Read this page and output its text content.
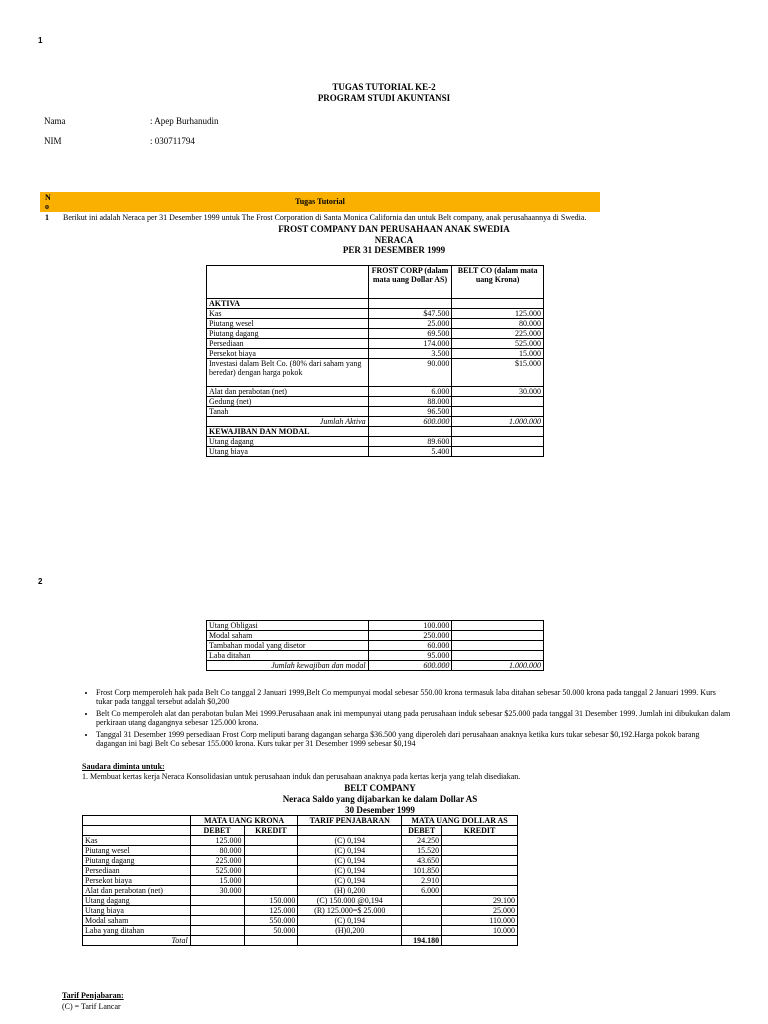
1
TUGAS TUTORIAL KE-2
PROGRAM STUDI AKUNTANSI
Nama	: Apep Burhanudin
NIM	: 030711794
N
o
Tugas Tutorial
1 Berikut ini adalah Neraca per 31 Desember 1999 untuk The Frost Corporation di Santa Monica California dan untuk Belt company, anak perusahaannya di Swedia.
FROST COMPANY DAN PERUSAHAAN ANAK SWEDIA
NERACA
PER 31 DESEMBER 1999
	FROST CORP (dalam mata uang Dollar AS)	BELT CO (dalam mata uang Krona)
AKTIVA		
Kas	$47.500	125.000
Piutang wesel	25.000	80.000
Piutang dagang	69.500	225.000
Persediaan	174.000	525.000
Persekot biaya	3.500	15.000
Investasi dalam Belt Co. (80% dari saham yang beredar) dengan harga pokok	90.000	$15.000
Alat dan perabotan (net)	6.000	30.000
Gedung (net)	88.000	
Tanah	96.500	
Jumlah Aktiva	600.000	1.000.000
KEWAJIBAN DAN MODAL		
Utang dagang	89.600	
Utang biaya	5.400	
2
Utang Obligasi	100.000	
Modal saham	250.000	
Tambahan modal yang disetor	60.000	
Laba ditahan	95.000	
Jumlah kewajiban dan modal	600.000	1.000.000
• Frost Corp memperoleh hak pada Belt Co tanggal 2 Januari 1999,Belt Co mempunyai modal sebesar 550.00 krona termasuk laba ditahan sebesar 50.000 krona pada tanggal 2 Januari 1999. Kurs tukar pada tanggal tersebut adalah $0,200
• Belt Co memperoleh alat dan perabotan bulan Mei 1999.Perusahaan anak ini mempunyai utang pada perusahaan induk sebesar $25.000 pada tanggal 31 Desember 1999. Jumlah ini dibukukan dalam perkiraan utang dagangnya sebesar 125.000 krona.
• Tanggal 31 Desember 1999 persediaan Frost Corp meliputi barang dagangan seharga $36.500 yang diperoleh dari perusahaan anaknya ketika kurs tukar sebesar $0,192.Harga pokok barang dagangan ini bagi Belt Co sebesar 155.000 krona. Kurs tukar per 31 Desember 1999 sebesar $0,194
Saudara diminta untuk:
1. Membuat kertas kerja Neraca Konsolidasian untuk perusahaan induk dan perusahaan anaknya pada kertas kerja yang telah disediakan.
BELT COMPANY
Neraca Saldo yang dijabarkan ke dalam Dollar AS
30 Desember 1999
	MATA UANG KRONA		TARIF PENJABARAN	MATA UANG DOLLAR AS	
	DEBET	KREDIT		DEBET	KREDIT
Kas	125.000		(C) 0,194	24.250	
Piutang wesel	80.000		(C) 0,194	15.520	
Piutang dagang	225.000		(C) 0,194	43.650	
Persediaan	525.000		(C) 0,194	101.850	
Persekot biaya	15.000		(C) 0,194	2.910	
Alat dan perabotan (net)	30.000		(H) 0,200	6.000	
Utang dagang		150.000	(C) 150.000 @0,194		29.100
Utang biaya		125.000	(R) 125.000=$ 25.000		25.000
Modal saham		550.000	(C) 0,194		110.000
Laba yang ditahan		50.000	(H)0,200		10.000
Total				194.180	
Tarif Penjabaran:
(C) = Tarif Lancar
